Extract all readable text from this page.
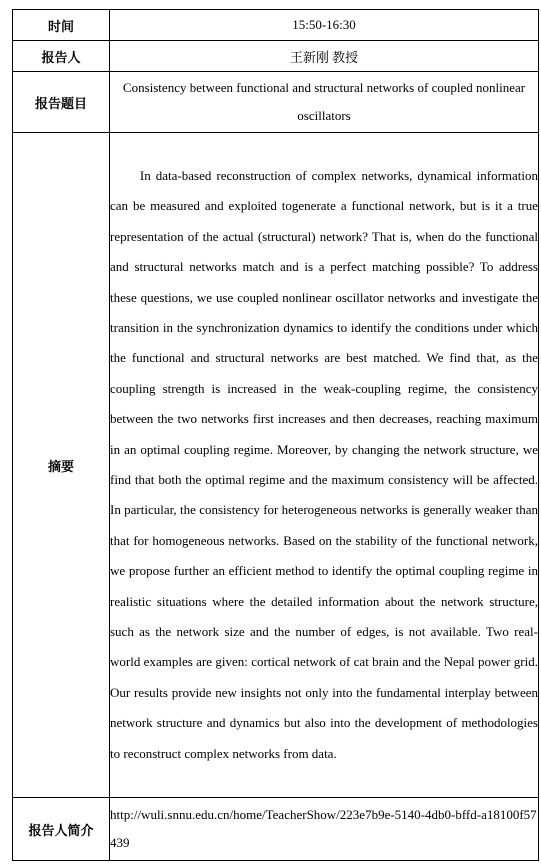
时间	15:50-16:30
报告人	王新刚 教授
报告题目	Consistency between functional and structural networks of coupled nonlinear oscillators
摘要	In data-based reconstruction of complex networks, dynamical information can be measured and exploited togenerate a functional network, but is it a true representation of the actual (structural) network? That is, when do the functional and structural networks match and is a perfect matching possible? To address these questions, we use coupled nonlinear oscillator networks and investigate the transition in the synchronization dynamics to identify the conditions under which the functional and structural networks are best matched. We find that, as the coupling strength is increased in the weak-coupling regime, the consistency between the two networks first increases and then decreases, reaching maximum in an optimal coupling regime. Moreover, by changing the network structure, we find that both the optimal regime and the maximum consistency will be affected. In particular, the consistency for heterogeneous networks is generally weaker than that for homogeneous networks. Based on the stability of the functional network, we propose further an efficient method to identify the optimal coupling regime in realistic situations where the detailed information about the network structure, such as the network size and the number of edges, is not available. Two real-world examples are given: cortical network of cat brain and the Nepal power grid. Our results provide new insights not only into the fundamental interplay between network structure and dynamics but also into the development of methodologies to reconstruct complex networks from data.
报告人简介	http://wuli.snnu.edu.cn/home/TeacherShow/223e7b9e-5140-4db0-bffd-a18100f57439
